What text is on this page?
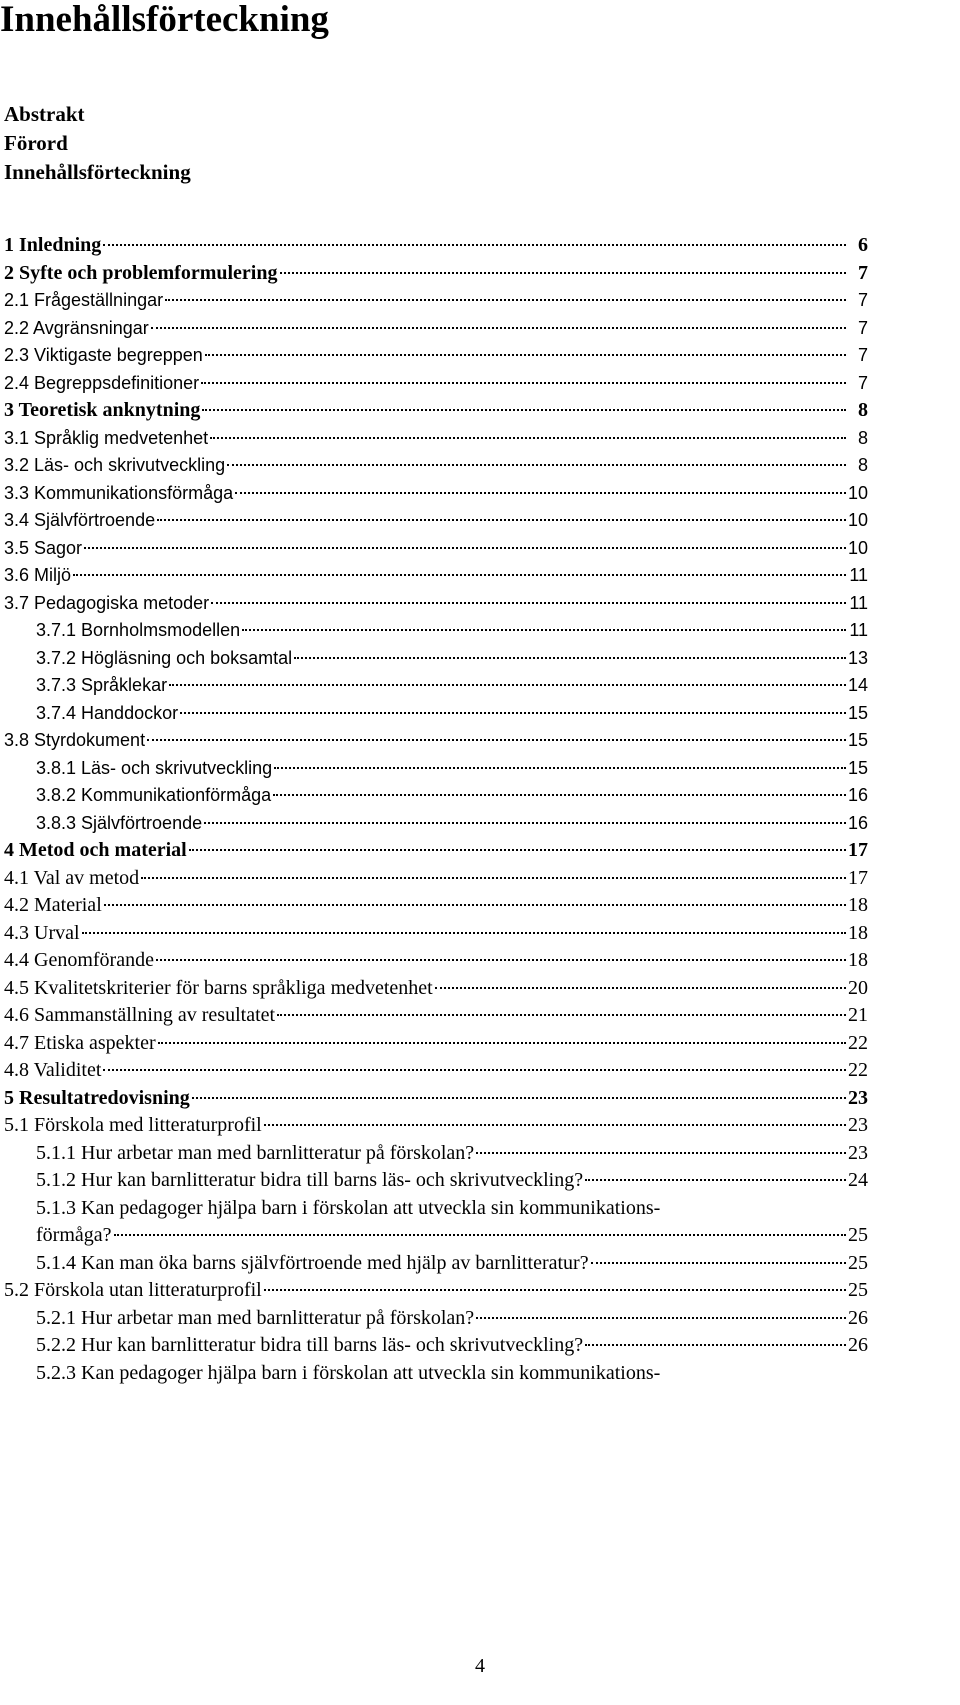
Innehållsförteckning
Abstrakt
Förord
Innehållsförteckning
1 Inledning	6
2 Syfte och problemformulering	7
2.1 Frågeställningar	7
2.2 Avgränsningar	7
2.3 Viktigaste begreppen	7
2.4 Begreppsdefinitioner	7
3 Teoretisk anknytning	8
3.1 Språklig medvetenhet	8
3.2 Läs- och skrivutveckling	8
3.3 Kommunikationsförmåga	10
3.4 Självförtroende	10
3.5 Sagor	10
3.6 Miljö	11
3.7 Pedagogiska metoder	11
3.7.1 Bornholmsmodellen	11
3.7.2 Högläsning och boksamtal	13
3.7.3 Språklekar	14
3.7.4 Handdockor	15
3.8 Styrdokument	15
3.8.1 Läs- och skrivutveckling	15
3.8.2 Kommunikationförmåga	16
3.8.3 Självförtroende	16
4 Metod och material	17
4.1 Val av metod	17
4.2 Material	18
4.3 Urval	18
4.4 Genomförande	18
4.5 Kvalitetskriterier för barns språkliga medvetenhet	20
4.6 Sammanställning av resultatet	21
4.7 Etiska aspekter	22
4.8 Validitet	22
5 Resultatredovisning	23
5.1 Förskola med litteraturprofil	23
5.1.1 Hur arbetar man med barnlitteratur på förskolan?	23
5.1.2 Hur kan barnlitteratur bidra till barns läs- och skrivutveckling?	24
5.1.3 Kan pedagoger hjälpa barn i förskolan att utveckla sin kommunikations-
förmåga?	25
5.1.4 Kan man öka barns självförtroende med hjälp av barnlitteratur?	25
5.2 Förskola utan litteraturprofil	25
5.2.1 Hur arbetar man med barnlitteratur på förskolan?	26
5.2.2 Hur kan barnlitteratur bidra till barns läs- och skrivutveckling?	26
5.2.3 Kan pedagoger hjälpa barn i förskolan att utveckla sin kommunikations-
4
